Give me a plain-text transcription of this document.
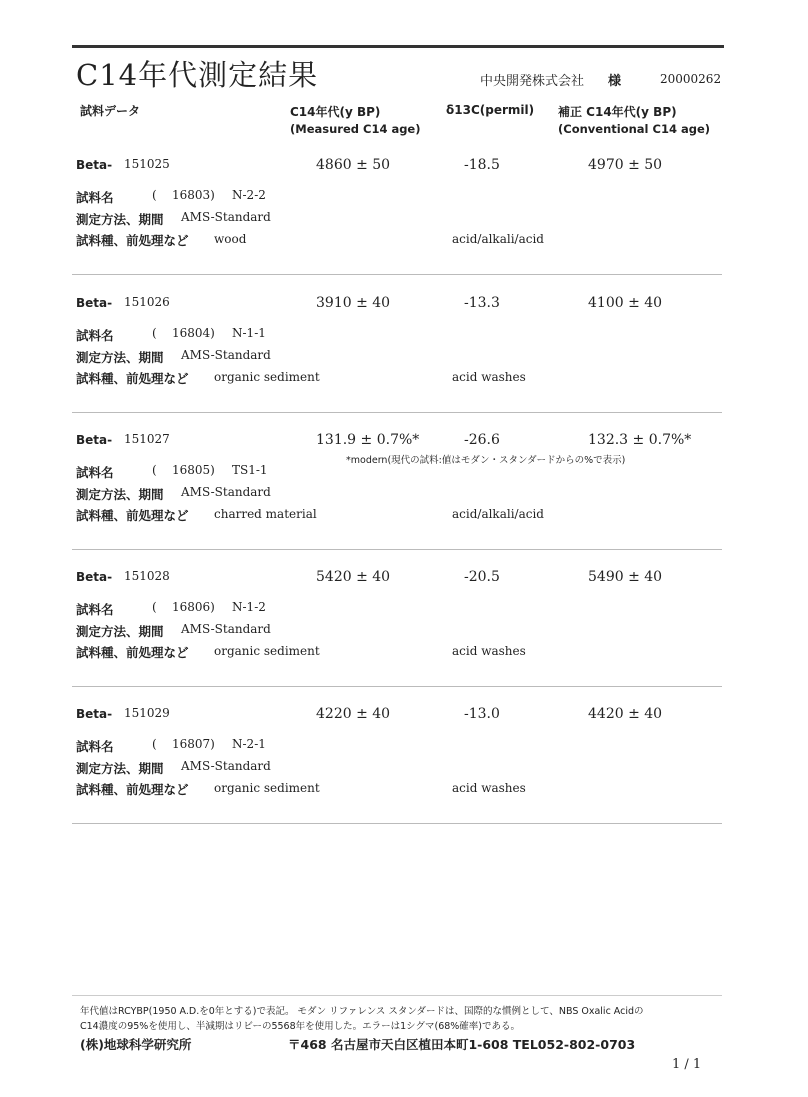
C14年代測定結果	中央開発株式会社 様	20000262
試料データ	C14年代(y BP)
(Measured C14 age)
δ13C(permil) 補正 C14年代(y BP)
(Conventional C14 age)
Beta- 151025	4860 ± 50	-18.5	4970 ± 50
試料名	( 16803) N-2-2
測定方法、期間 AMS-Standard
試料種、前処理など wood	acid/alkali/acid
Beta- 151026	3910 ± 40	-13.3	4100 ± 40
試料名	( 16804) N-1-1
測定方法、期間 AMS-Standard
試料種、前処理など organic sediment	acid washes
Beta- 151027	131.9 ± 0.7%*	-26.6	132.3 ± 0.7%*
*modern(現代の試料:値はモダン・スタンダードからの%で表示)
試料名	( 16805) TS1-1
測定方法、期間 AMS-Standard
試料種、前処理など charred material	acid/alkali/acid
Beta- 151028	5420 ± 40	-20.5	5490 ± 40
試料名	( 16806) N-1-2
測定方法、期間 AMS-Standard
試料種、前処理など organic sediment	acid washes
Beta- 151029	4220 ± 40	-13.0	4420 ± 40
試料名	( 16807) N-2-1
測定方法、期間 AMS-Standard
試料種、前処理など organic sediment	acid washes
年代値はRCYBP(1950 A.D.を0年とする)で表記。 モダン リファレンス スタンダードは、国際的な慣例として、NBS Oxalic Acidの
C14濃度の95%を使用し、半減期はリビーの5568年を使用した。エラーは1シグマ(68%確率)である。
(株)地球科学研究所	〒468 名古屋市天白区植田本町1-608 TEL052-802-0703
1 / 1
